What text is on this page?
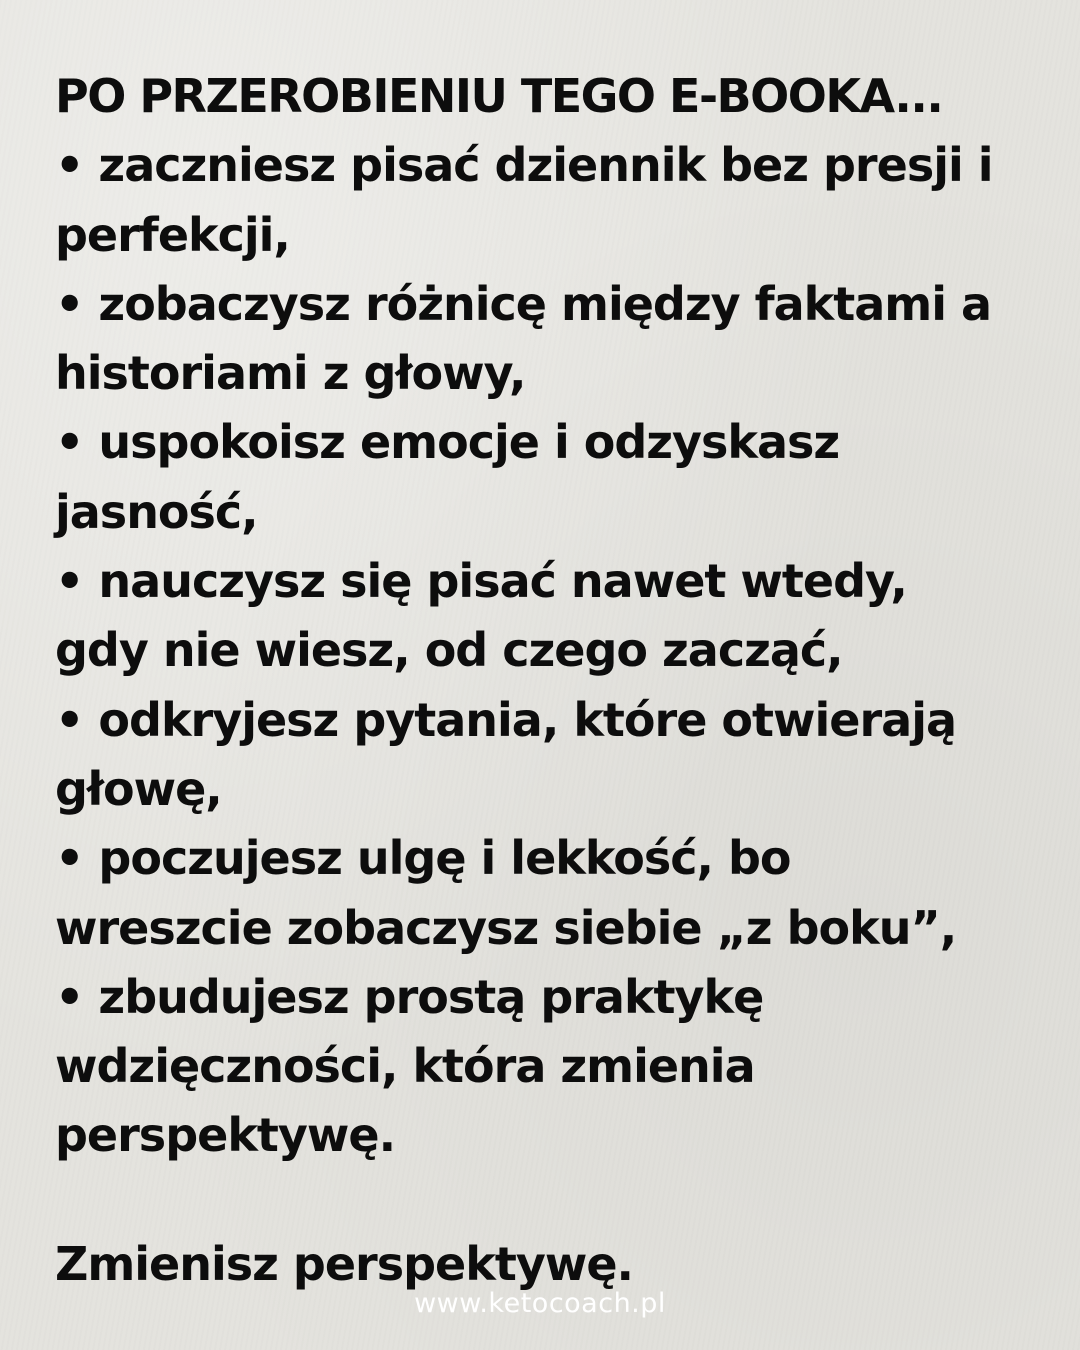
PO PRZEROBIENIU TEGO E-BOOKA...
• zaczniesz pisać dziennik bez presji i
perfekcji,
• zobaczysz różnicę między faktami a
historiami z głowy,
• uspokoisz emocje i odzyskasz
jasność,
• nauczysz się pisać nawet wtedy,
gdy nie wiesz, od czego zacząć,
• odkryjesz pytania, które otwierają
głowę,
• poczujesz ulgę i lekkość, bo
wreszcie zobaczysz siebie „z boku”,
• zbudujesz prostą praktykę
wdzięczności, która zmienia
perspektywę.
Zmienisz perspektywę.
www.ketocoach.pl
